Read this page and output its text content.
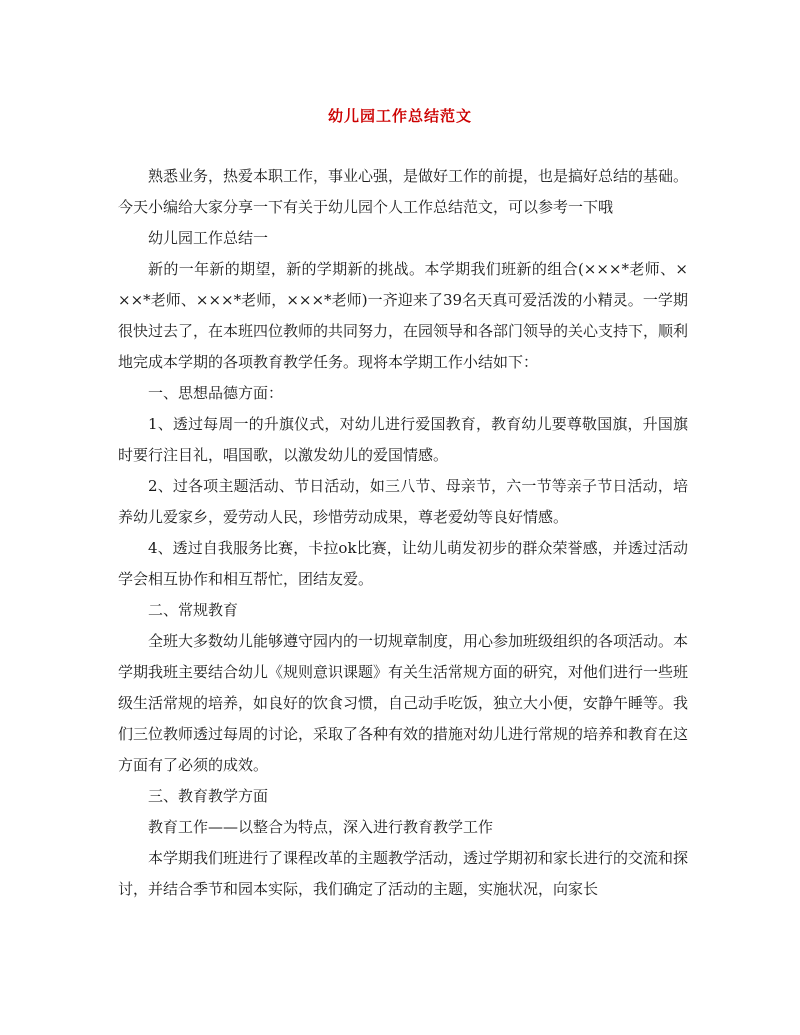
幼儿园工作总结范文

熟悉业务，热爱本职工作，事业心强，是做好工作的前提，也是搞好总结的基础。今天小编给大家分享一下有关于幼儿园个人工作总结范文，可以参考一下哦

幼儿园工作总结一

新的一年新的期望，新的学期新的挑战。本学期我们班新的组合(×××*老师、×××*老师、×××*老师，×××*老师)一齐迎来了39名天真可爱活泼的小精灵。一学期很快过去了，在本班四位教师的共同努力，在园领导和各部门领导的关心支持下，顺利地完成本学期的各项教育教学任务。现将本学期工作小结如下：

一、思想品德方面：

1、透过每周一的升旗仪式，对幼儿进行爱国教育，教育幼儿要尊敬国旗，升国旗时要行注目礼，唱国歌，以激发幼儿的爱国情感。

2、过各项主题活动、节日活动，如三八节、母亲节，六一节等亲子节日活动，培养幼儿爱家乡，爱劳动人民，珍惜劳动成果，尊老爱幼等良好情感。

4、透过自我服务比赛，卡拉ok比赛，让幼儿萌发初步的群众荣誉感，并透过活动学会相互协作和相互帮忙，团结友爱。

二、常规教育

全班大多数幼儿能够遵守园内的一切规章制度，用心参加班级组织的各项活动。本学期我班主要结合幼儿《规则意识课题》有关生活常规方面的研究，对他们进行一些班级生活常规的培养，如良好的饮食习惯，自己动手吃饭，独立大小便，安静午睡等。我们三位教师透过每周的讨论，采取了各种有效的措施对幼儿进行常规的培养和教育在这方面有了必须的成效。

三、教育教学方面

教育工作——以整合为特点，深入进行教育教学工作

本学期我们班进行了课程改革的主题教学活动，透过学期初和家长进行的交流和探讨，并结合季节和园本实际，我们确定了活动的主题，实施状况，向家长
